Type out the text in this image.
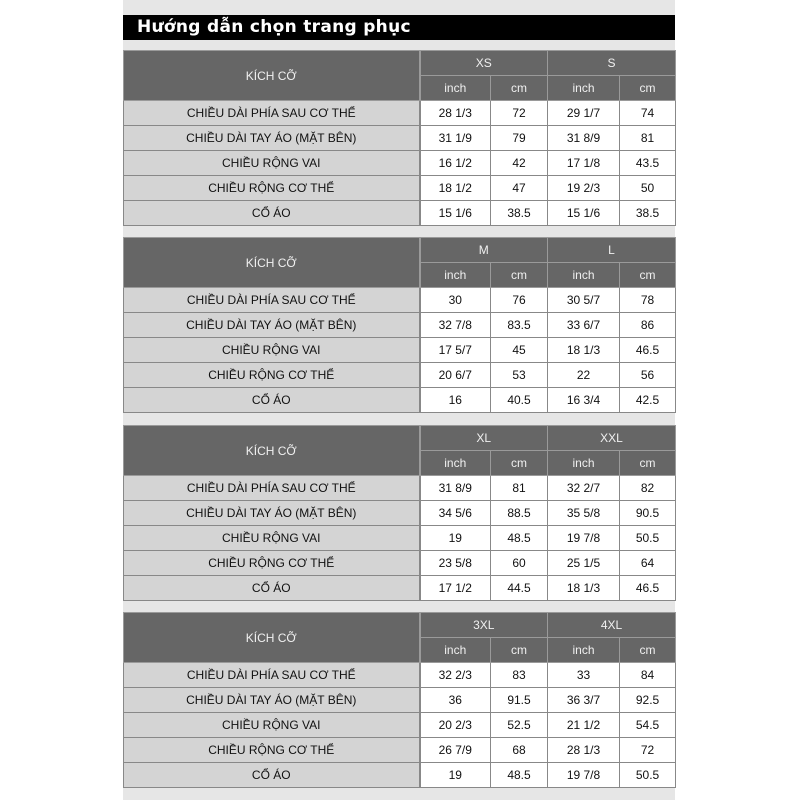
Hướng dẫn chọn trang phục
KÍCH CỠ	XS		S	
	inch	cm	inch	cm
CHIỀU DÀI PHÍA SAU CƠ THỂ	28 1/3	72	29 1/7	74
CHIỀU DÀI TAY ÁO (MẶT BÊN)	31 1/9	79	31 8/9	81
CHIỀU RỘNG VAI	16 1/2	42	17 1/8	43.5
CHIỀU RỘNG CƠ THỂ	18 1/2	47	19 2/3	50
CỔ ÁO	15 1/6	38.5	15 1/6	38.5
KÍCH CỠ	M		L	
	inch	cm	inch	cm
CHIỀU DÀI PHÍA SAU CƠ THỂ	30	76	30 5/7	78
CHIỀU DÀI TAY ÁO (MẶT BÊN)	32 7/8	83.5	33 6/7	86
CHIỀU RỘNG VAI	17 5/7	45	18 1/3	46.5
CHIỀU RỘNG CƠ THỂ	20 6/7	53	22	56
CỔ ÁO	16	40.5	16 3/4	42.5
KÍCH CỠ	XL		XXL	
	inch	cm	inch	cm
CHIỀU DÀI PHÍA SAU CƠ THỂ	31 8/9	81	32 2/7	82
CHIỀU DÀI TAY ÁO (MẶT BÊN)	34 5/6	88.5	35 5/8	90.5
CHIỀU RỘNG VAI	19	48.5	19 7/8	50.5
CHIỀU RỘNG CƠ THỂ	23 5/8	60	25 1/5	64
CỔ ÁO	17 1/2	44.5	18 1/3	46.5
KÍCH CỠ	3XL		4XL	
	inch	cm	inch	cm
CHIỀU DÀI PHÍA SAU CƠ THỂ	32 2/3	83	33	84
CHIỀU DÀI TAY ÁO (MẶT BÊN)	36	91.5	36 3/7	92.5
CHIỀU RỘNG VAI	20 2/3	52.5	21 1/2	54.5
CHIỀU RỘNG CƠ THỂ	26 7/9	68	28 1/3	72
CỔ ÁO	19	48.5	19 7/8	50.5
